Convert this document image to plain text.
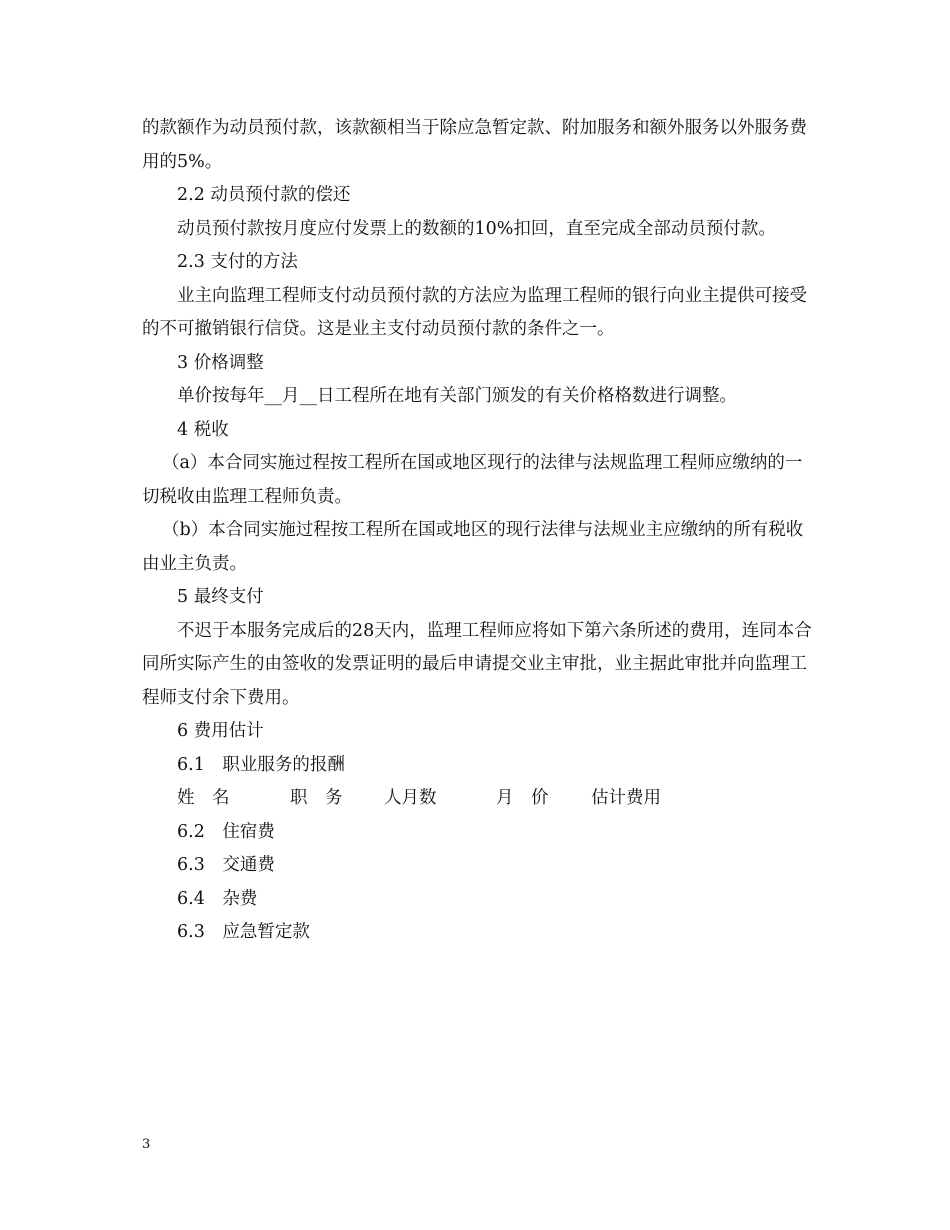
的款额作为动员预付款，该款额相当于除应急暂定款、附加服务和额外服务以外服务费用的5%。

2.2 动员预付款的偿还

动员预付款按月度应付发票上的数额的10%扣回，直至完成全部动员预付款。

2.3 支付的方法

业主向监理工程师支付动员预付款的方法应为监理工程师的银行向业主提供可接受的不可撤销银行信贷。这是业主支付动员预付款的条件之一。

3 价格调整

单价按每年__月__日工程所在地有关部门颁发的有关价格格数进行调整。

4 税收

（a）本合同实施过程按工程所在国或地区现行的法律与法规监理工程师应缴纳的一切税收由监理工程师负责。

（b）本合同实施过程按工程所在国或地区的现行法律与法规业主应缴纳的所有税收由业主负责。

5 最终支付

不迟于本服务完成后的28天内，监理工程师应将如下第六条所述的费用，连同本合同所实际产生的由签收的发票证明的最后申请提交业主审批，业主据此审批并向监理工程师支付余下费用。

6 费用估计

6.1　职业服务的报酬

姓　名	职　务	人月数	月　价	估计费用

6.2　住宿费

6.3　交通费

6.4　杂费

6.3　应急暂定款

3
